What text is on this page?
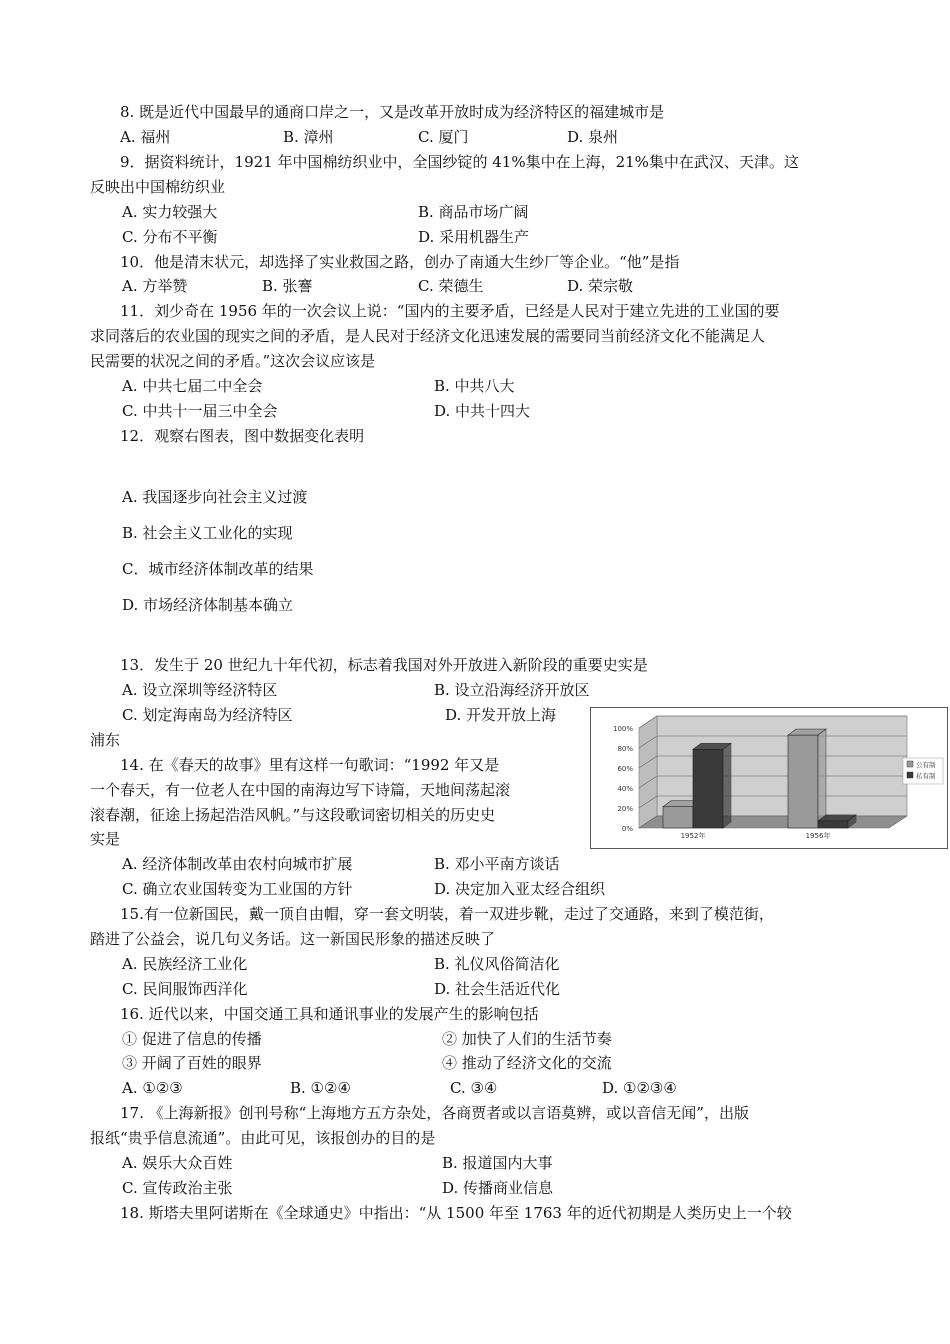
8. 既是近代中国最早的通商口岸之一，又是改革开放时成为经济特区的福建城市是
A. 福州	B. 漳州	C. 厦门	D. 泉州
9．据资料统计，1921 年中国棉纺织业中，全国纱锭的 41%集中在上海，21%集中在武汉、天津。这
反映出中国棉纺织业
A. 实力较强大	B. 商品市场广阔
C. 分布不平衡	D. 采用机器生产
10．他是清末状元，却选择了实业救国之路，创办了南通大生纱厂等企业。“他”是指
A. 方举赞	B. 张謇	C. 荣德生	D. 荣宗敬
11．刘少奇在 1956 年的一次会议上说：“国内的主要矛盾，已经是人民对于建立先进的工业国的要
求同落后的农业国的现实之间的矛盾，是人民对于经济文化迅速发展的需要同当前经济文化不能满足人
民需要的状况之间的矛盾。”这次会议应该是
A. 中共七届二中全会	B. 中共八大
C. 中共十一届三中全会	D. 中共十四大
12．观察右图表，图中数据变化表明
A. 我国逐步向社会主义过渡
B. 社会主义工业化的实现
C．城市经济体制改革的结果
D. 市场经济体制基本确立
13．发生于 20 世纪九十年代初，标志着我国对外开放进入新阶段的重要史实是
A. 设立深圳等经济特区	B. 设立沿海经济开放区
C. 划定海南岛为经济特区	D. 开发开放上海
浦东
14. 在《春天的故事》里有这样一句歌词：“1992 年又是
一个春天，有一位老人在中国的南海边写下诗篇，天地间荡起滚
滚春潮，征途上扬起浩浩风帆。”与这段歌词密切相关的历史史
实是
A. 经济体制改革由农村向城市扩展	B. 邓小平南方谈话
C. 确立农业国转变为工业国的方针	D. 决定加入亚太经合组织
15.有一位新国民，戴一顶自由帽，穿一套文明装，着一双进步靴，走过了交通路，来到了模范街，
踏进了公益会，说几句义务话。这一新国民形象的描述反映了
A. 民族经济工业化	B. 礼仪风俗简洁化
C. 民间服饰西洋化	D. 社会生活近代化
16. 近代以来，中国交通工具和通讯事业的发展产生的影响包括
① 促进了信息的传播	② 加快了人们的生活节奏
③ 开阔了百姓的眼界	④ 推动了经济文化的交流
A. ①②③	B. ①②④	C. ③④	D. ①②③④
17. 《上海新报》创刊号称“上海地方五方杂处，各商贾者或以言语莫辨，或以音信无闻”，出版
报纸“贵乎信息流通”。由此可见，该报创办的目的是
A. 娱乐大众百姓	B. 报道国内大事
C. 宣传政治主张	D. 传播商业信息
18. 斯塔夫里阿诺斯在《全球通史》中指出：“从 1500 年至 1763 年的近代初期是人类历史上一个较
0%
20%
40%
60%
80%
100%
1952年	1956年
公有制
私有制
